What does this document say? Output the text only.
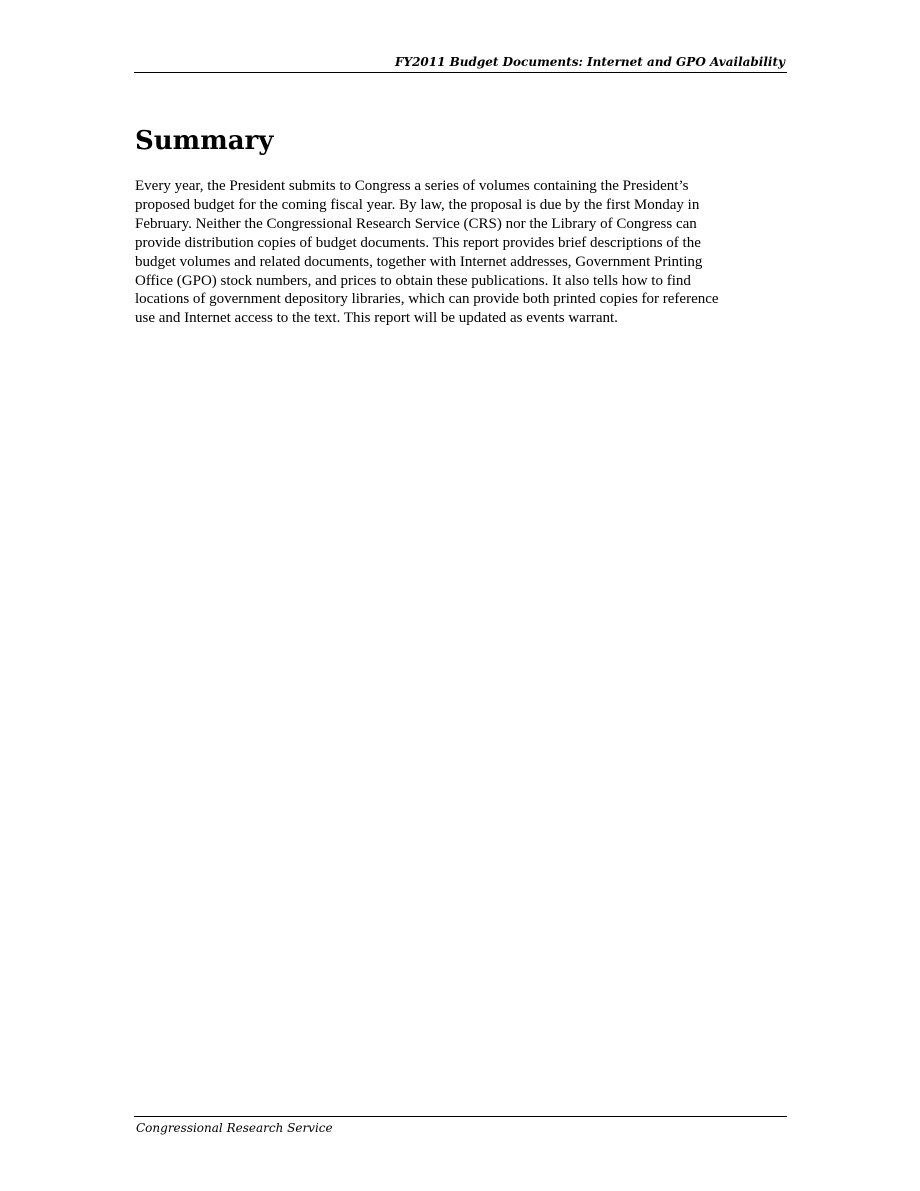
FY2011 Budget Documents: Internet and GPO Availability
Summary

Every year, the President submits to Congress a series of volumes containing the President’s
proposed budget for the coming fiscal year. By law, the proposal is due by the first Monday in
February. Neither the Congressional Research Service (CRS) nor the Library of Congress can
provide distribution copies of budget documents. This report provides brief descriptions of the
budget volumes and related documents, together with Internet addresses, Government Printing
Office (GPO) stock numbers, and prices to obtain these publications. It also tells how to find
locations of government depository libraries, which can provide both printed copies for reference
use and Internet access to the text. This report will be updated as events warrant.

Congressional Research Service
